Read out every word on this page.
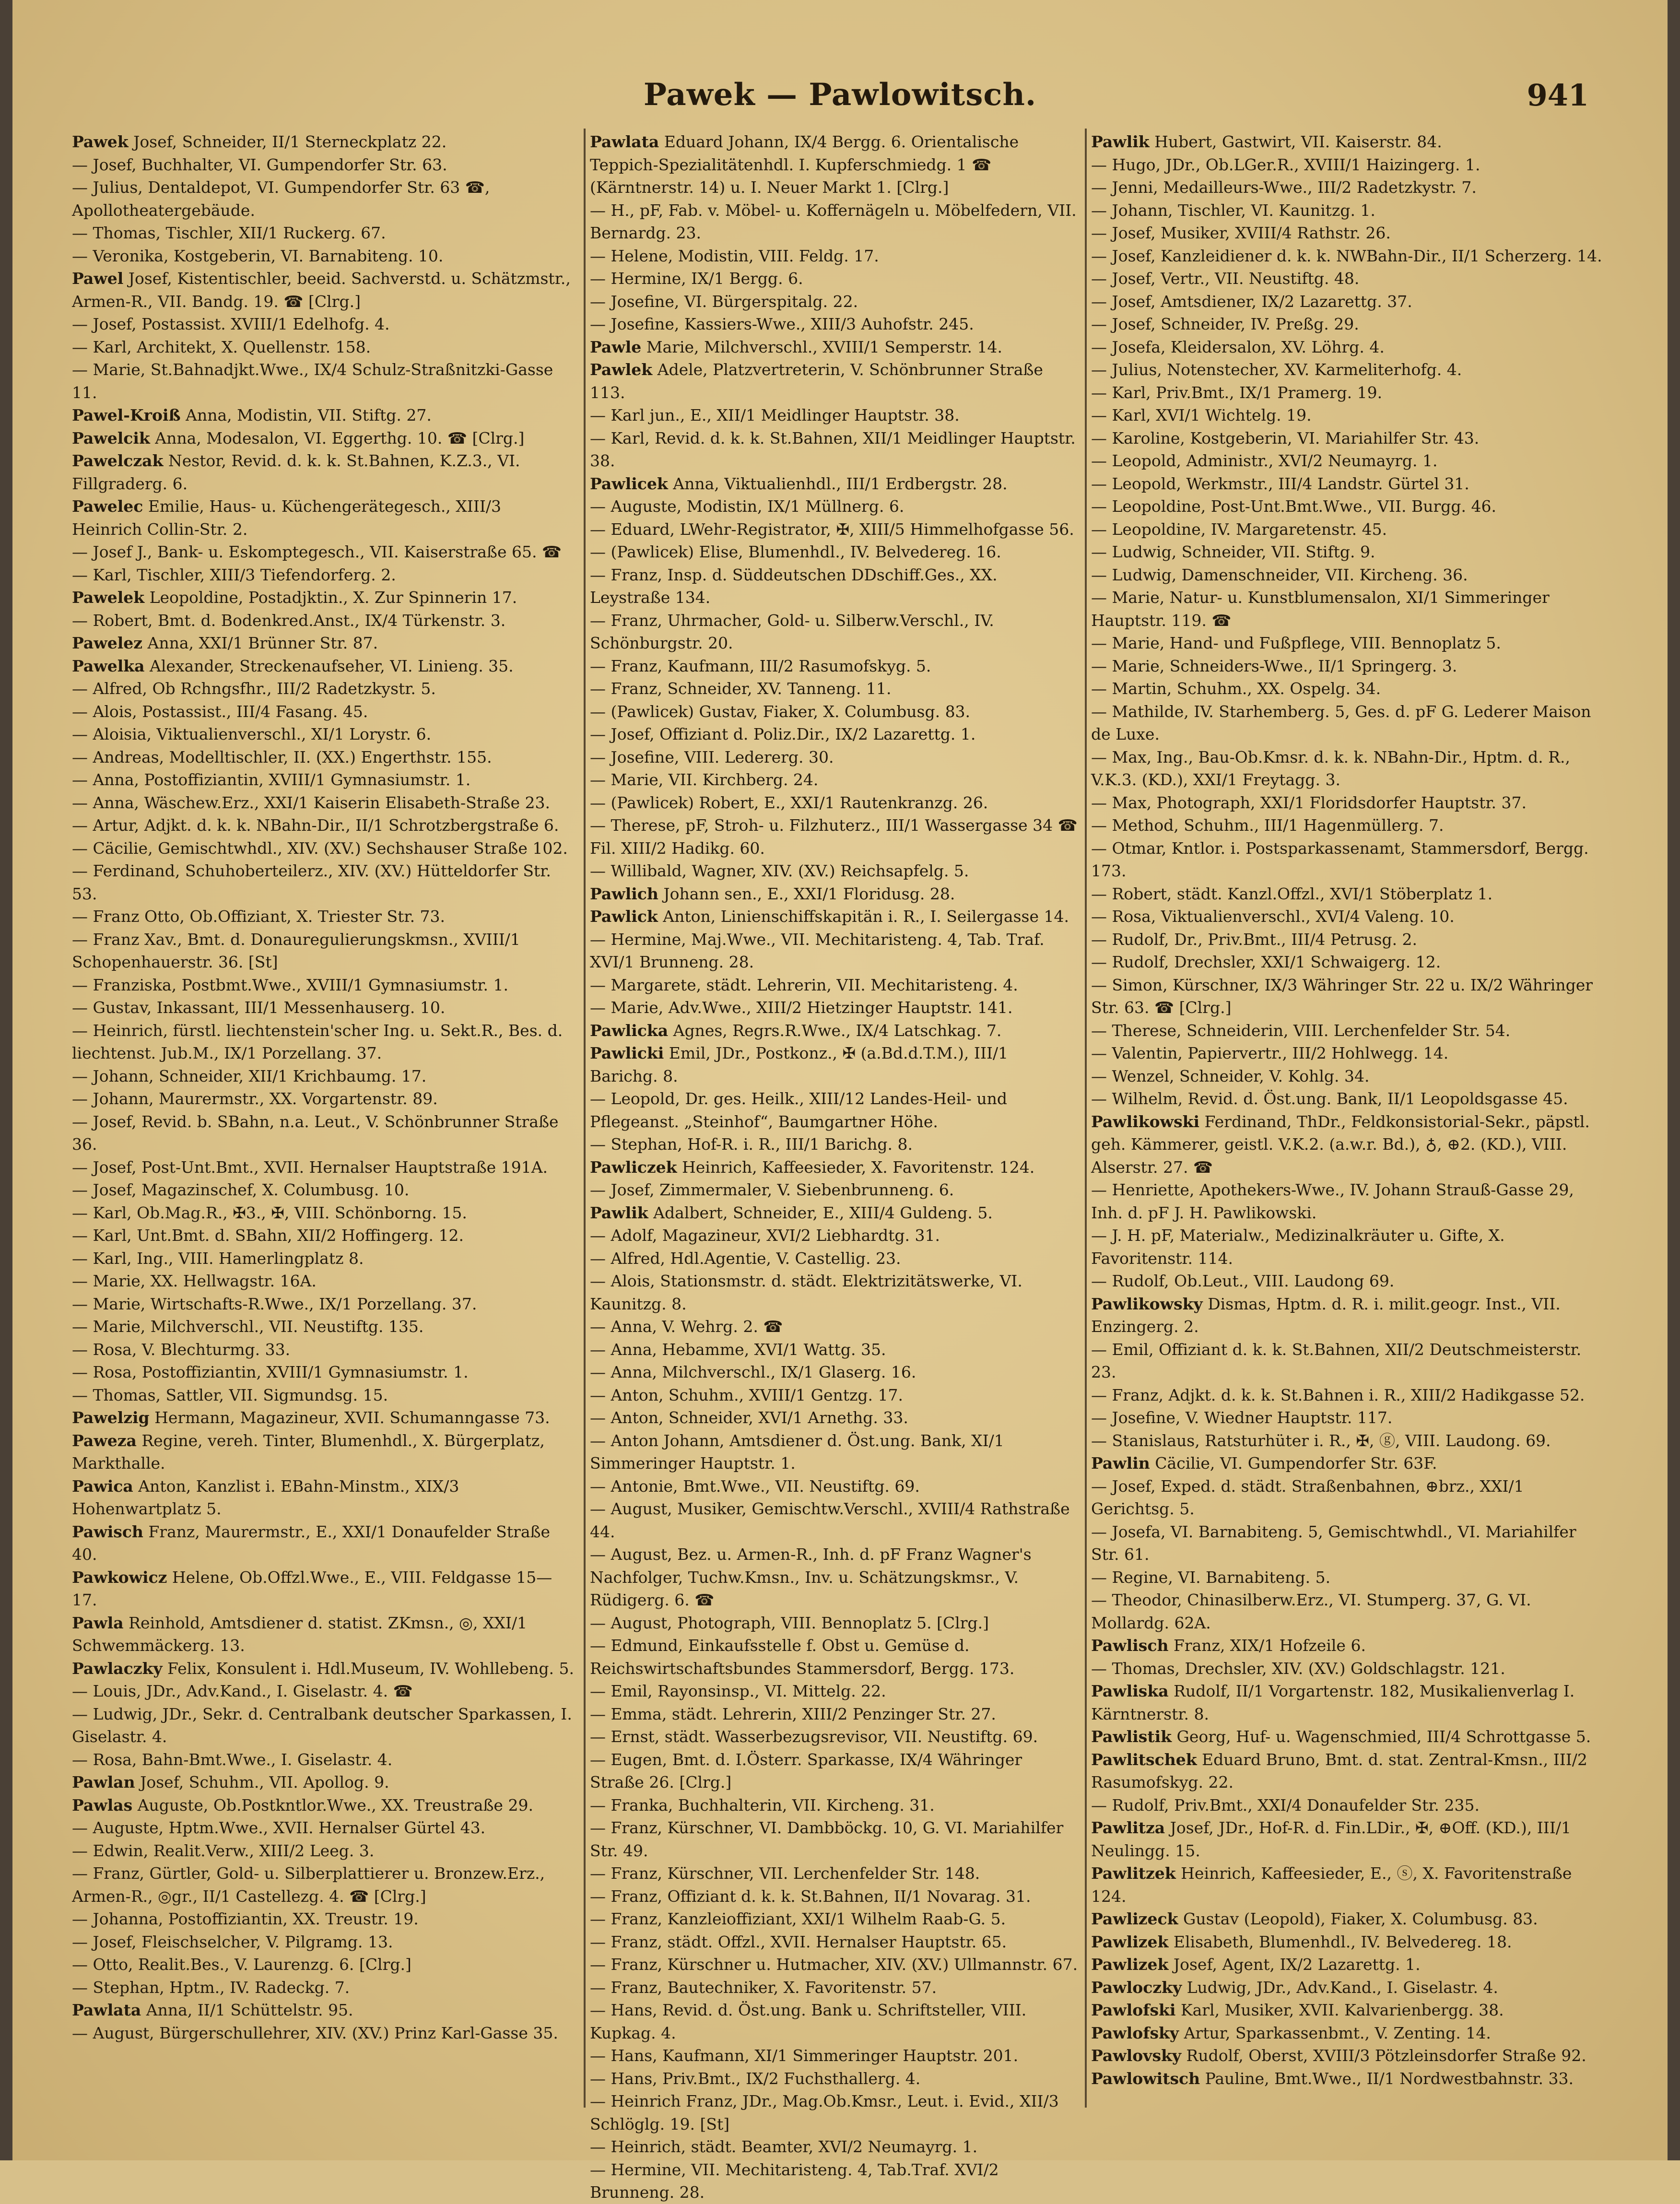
Pawek — Pawlowitsch.	941

Pawek Josef, Schneider, II/1 Sterneckplatz 22.

— Josef, Buchhalter, VI. Gumpendorfer Str. 63.

— Julius, Dentaldepot, VI. Gumpendorfer Str. 63 ☎, Apollotheatergebäude.

— Thomas, Tischler, XII/1 Ruckerg. 67.

— Veronika, Kostgeberin, VI. Barnabiteng. 10.

Pawel Josef, Kistentischler, beeid. Sachverstd. u. Schätzmstr., Armen-R., VII. Bandg. 19. ☎ [Clrg.]

— Josef, Postassist. XVIII/1 Edelhofg. 4.

— Karl, Architekt, X. Quellenstr. 158.

— Marie, St.Bahnadjkt.Wwe., IX/4 Schulz-Straßnitzki-Gasse 11.

Pawel-Kroiß Anna, Modistin, VII. Stiftg. 27.

Pawelcik Anna, Modesalon, VI. Eggerthg. 10. ☎ [Clrg.]

Pawelczak Nestor, Revid. d. k. k. St.Bahnen, K.Z.3., VI. Fillgraderg. 6.

Pawelec Emilie, Haus- u. Küchengerätegesch., XIII/3 Heinrich Collin-Str. 2.

— Josef J., Bank- u. Eskomptegesch., VII. Kaiserstraße 65. ☎

— Karl, Tischler, XIII/3 Tiefendorferg. 2.

Pawelek Leopoldine, Postadjktin., X. Zur Spinnerin 17.

— Robert, Bmt. d. Bodenkred.Anst., IX/4 Türkenstr. 3.

Pawelez Anna, XXI/1 Brünner Str. 87.

Pawelka Alexander, Streckenaufseher, VI. Linieng. 35.

— Alfred, Ob Rchngsfhr., III/2 Radetzkystr. 5.

— Alois, Postassist., III/4 Fasang. 45.

— Aloisia, Viktualienverschl., XI/1 Lorystr. 6.

— Andreas, Modelltischler, II. (XX.) Engerthstr. 155.

— Anna, Postoffiziantin, XVIII/1 Gymnasiumstr. 1.

— Anna, Wäschew.Erz., XXI/1 Kaiserin Elisabeth-Straße 23.

— Artur, Adjkt. d. k. k. NBahn-Dir., II/1 Schrotzbergstraße 6.

— Cäcilie, Gemischtwhdl., XIV. (XV.) Sechshauser Straße 102.

— Ferdinand, Schuhoberteilerz., XIV. (XV.) Hütteldorfer Str. 53.

— Franz Otto, Ob.Offiziant, X. Triester Str. 73.

— Franz Xav., Bmt. d. Donauregulierungskmsn., XVIII/1 Schopenhauerstr. 36. [St]

— Franziska, Postbmt.Wwe., XVIII/1 Gymnasiumstr. 1.

— Gustav, Inkassant, III/1 Messenhauserg. 10.

— Heinrich, fürstl. liechtenstein'scher Ing. u. Sekt.R., Bes. d. liechtenst. Jub.M., IX/1 Porzellang. 37.

— Johann, Schneider, XII/1 Krichbaumg. 17.

— Johann, Maurermstr., XX. Vorgartenstr. 89.

— Josef, Revid. b. SBahn, n.a. Leut., V. Schönbrunner Straße 36.

— Josef, Post-Unt.Bmt., XVII. Hernalser Hauptstraße 191A.

— Josef, Magazinschef, X. Columbusg. 10.

— Karl, Ob.Mag.R., ✠3., ✠, VIII. Schönborng. 15.

— Karl, Unt.Bmt. d. SBahn, XII/2 Hoffingerg. 12.

— Karl, Ing., VIII. Hamerlingplatz 8.

— Marie, XX. Hellwagstr. 16A.

— Marie, Wirtschafts-R.Wwe., IX/1 Porzellang. 37.

— Marie, Milchverschl., VII. Neustiftg. 135.

— Rosa, V. Blechturmg. 33.

— Rosa, Postoffiziantin, XVIII/1 Gymnasiumstr. 1.

— Thomas, Sattler, VII. Sigmundsg. 15.

Pawelzig Hermann, Magazineur, XVII. Schumanngasse 73.

Paweza Regine, vereh. Tinter, Blumenhdl., X. Bürgerplatz, Markthalle.

Pawica Anton, Kanzlist i. EBahn-Minstm., XIX/3 Hohenwartplatz 5.

Pawisch Franz, Maurermstr., E., XXI/1 Donaufelder Straße 40.

Pawkowicz Helene, Ob.Offzl.Wwe., E., VIII. Feldgasse 15—17.

Pawla Reinhold, Amtsdiener d. statist. ZKmsn., ◎, XXI/1 Schwemmäckerg. 13.

Pawlaczky Felix, Konsulent i. Hdl.Museum, IV. Wohllebeng. 5.

— Louis, JDr., Adv.Kand., I. Giselastr. 4. ☎

— Ludwig, JDr., Sekr. d. Centralbank deutscher Sparkassen, I. Giselastr. 4.

— Rosa, Bahn-Bmt.Wwe., I. Giselastr. 4.

Pawlan Josef, Schuhm., VII. Apollog. 9.

Pawlas Auguste, Ob.Postkntlor.Wwe., XX. Treustraße 29.

— Auguste, Hptm.Wwe., XVII. Hernalser Gürtel 43.

— Edwin, Realit.Verw., XIII/2 Leeg. 3.

— Franz, Gürtler, Gold- u. Silberplattierer u. Bronzew.Erz., Armen-R., ◎gr., II/1 Castellezg. 4. ☎ [Clrg.]

— Johanna, Postoffiziantin, XX. Treustr. 19.

— Josef, Fleischselcher, V. Pilgramg. 13.

— Otto, Realit.Bes., V. Laurenzg. 6. [Clrg.]

— Stephan, Hptm., IV. Radeckg. 7.

Pawlata Anna, II/1 Schüttelstr. 95.

— August, Bürgerschullehrer, XIV. (XV.) Prinz Karl-Gasse 35.

Pawlata Eduard Johann, IX/4 Bergg. 6. Orientalische Teppich-Spezialitätenhdl. I. Kupferschmiedg. 1 ☎ (Kärntnerstr. 14) u. I. Neuer Markt 1. [Clrg.]

— H., pF, Fab. v. Möbel- u. Koffernägeln u. Möbelfedern, VII. Bernardg. 23.

— Helene, Modistin, VIII. Feldg. 17.

— Hermine, IX/1 Bergg. 6.

— Josefine, VI. Bürgerspitalg. 22.

— Josefine, Kassiers-Wwe., XIII/3 Auhofstr. 245.

Pawle Marie, Milchverschl., XVIII/1 Semperstr. 14.

Pawlek Adele, Platzvertreterin, V. Schönbrunner Straße 113.

— Karl jun., E., XII/1 Meidlinger Hauptstr. 38.

— Karl, Revid. d. k. k. St.Bahnen, XII/1 Meidlinger Hauptstr. 38.

Pawlicek Anna, Viktualienhdl., III/1 Erdbergstr. 28.

— Auguste, Modistin, IX/1 Müllnerg. 6.

— Eduard, LWehr-Registrator, ✠, XIII/5 Himmelhofgasse 56.

— (Pawlicek) Elise, Blumenhdl., IV. Belvedereg. 16.

— Franz, Insp. d. Süddeutschen DDschiff.Ges., XX. Leystraße 134.

— Franz, Uhrmacher, Gold- u. Silberw.Verschl., IV. Schönburgstr. 20.

— Franz, Kaufmann, III/2 Rasumofskyg. 5.

— Franz, Schneider, XV. Tanneng. 11.

— (Pawlicek) Gustav, Fiaker, X. Columbusg. 83.

— Josef, Offiziant d. Poliz.Dir., IX/2 Lazarettg. 1.

— Josefine, VIII. Ledererg. 30.

— Marie, VII. Kirchberg. 24.

— (Pawlicek) Robert, E., XXI/1 Rautenkranzg. 26.

— Therese, pF, Stroh- u. Filzhuterz., III/1 Wassergasse 34 ☎ Fil. XIII/2 Hadikg. 60.

— Willibald, Wagner, XIV. (XV.) Reichsapfelg. 5.

Pawlich Johann sen., E., XXI/1 Floridusg. 28.

Pawlick Anton, Linienschiffskapitän i. R., I. Seilergasse 14.

— Hermine, Maj.Wwe., VII. Mechitaristeng. 4, Tab. Traf. XVI/1 Brunneng. 28.

— Margarete, städt. Lehrerin, VII. Mechitaristeng. 4.

— Marie, Adv.Wwe., XIII/2 Hietzinger Hauptstr. 141.

Pawlicka Agnes, Regrs.R.Wwe., IX/4 Latschkag. 7.

Pawlicki Emil, JDr., Postkonz., ✠ (a.Bd.d.T.M.), III/1 Barichg. 8.

— Leopold, Dr. ges. Heilk., XIII/12 Landes-Heil- und Pflegeanst. „Steinhof“, Baumgartner Höhe.

— Stephan, Hof-R. i. R., III/1 Barichg. 8.

Pawliczek Heinrich, Kaffeesieder, X. Favoritenstr. 124.

— Josef, Zimmermaler, V. Siebenbrunneng. 6.

Pawlik Adalbert, Schneider, E., XIII/4 Guldeng. 5.

— Adolf, Magazineur, XVI/2 Liebhardtg. 31.

— Alfred, Hdl.Agentie, V. Castellig. 23.

— Alois, Stationsmstr. d. städt. Elektrizitätswerke, VI. Kaunitzg. 8.

— Anna, V. Wehrg. 2. ☎

— Anna, Hebamme, XVI/1 Wattg. 35.

— Anna, Milchverschl., IX/1 Glaserg. 16.

— Anton, Schuhm., XVIII/1 Gentzg. 17.

— Anton, Schneider, XVI/1 Arnethg. 33.

— Anton Johann, Amtsdiener d. Öst.ung. Bank, XI/1 Simmeringer Hauptstr. 1.

— Antonie, Bmt.Wwe., VII. Neustiftg. 69.

— August, Musiker, Gemischtw.Verschl., XVIII/4 Rathstraße 44.

— August, Bez. u. Armen-R., Inh. d. pF Franz Wagner's Nachfolger, Tuchw.Kmsn., Inv. u. Schätzungskmsr., V. Rüdigerg. 6. ☎

— August, Photograph, VIII. Bennoplatz 5. [Clrg.]

— Edmund, Einkaufsstelle f. Obst u. Gemüse d. Reichswirtschaftsbundes Stammersdorf, Bergg. 173.

— Emil, Rayonsinsp., VI. Mittelg. 22.

— Emma, städt. Lehrerin, XIII/2 Penzinger Str. 27.

— Ernst, städt. Wasserbezugsrevisor, VII. Neustiftg. 69.

— Eugen, Bmt. d. I.Österr. Sparkasse, IX/4 Währinger Straße 26. [Clrg.]

— Franka, Buchhalterin, VII. Kircheng. 31.

— Franz, Kürschner, VI. Dambböckg. 10, G. VI. Mariahilfer Str. 49.

— Franz, Kürschner, VII. Lerchenfelder Str. 148.

— Franz, Offiziant d. k. k. St.Bahnen, II/1 Novarag. 31.

— Franz, Kanzleioffiziant, XXI/1 Wilhelm Raab-G. 5.

— Franz, städt. Offzl., XVII. Hernalser Hauptstr. 65.

— Franz, Kürschner u. Hutmacher, XIV. (XV.) Ullmannstr. 67.

— Franz, Bautechniker, X. Favoritenstr. 57.

— Hans, Revid. d. Öst.ung. Bank u. Schriftsteller, VIII. Kupkag. 4.

— Hans, Kaufmann, XI/1 Simmeringer Hauptstr. 201.

— Hans, Priv.Bmt., IX/2 Fuchsthallerg. 4.

— Heinrich Franz, JDr., Mag.Ob.Kmsr., Leut. i. Evid., XII/3 Schlöglg. 19. [St]

— Heinrich, städt. Beamter, XVI/2 Neumayrg. 1.

— Hermine, VII. Mechitaristeng. 4, Tab.Traf. XVI/2 Brunneng. 28.

Pawlik Hubert, Gastwirt, VII. Kaiserstr. 84.

— Hugo, JDr., Ob.LGer.R., XVIII/1 Haizingerg. 1.

— Jenni, Medailleurs-Wwe., III/2 Radetzkystr. 7.

— Johann, Tischler, VI. Kaunitzg. 1.

— Josef, Musiker, XVIII/4 Rathstr. 26.

— Josef, Kanzleidiener d. k. k. NWBahn-Dir., II/1 Scherzerg. 14.

— Josef, Vertr., VII. Neustiftg. 48.

— Josef, Amtsdiener, IX/2 Lazarettg. 37.

— Josef, Schneider, IV. Preßg. 29.

— Josefa, Kleidersalon, XV. Löhrg. 4.

— Julius, Notenstecher, XV. Karmeliterhofg. 4.

— Karl, Priv.Bmt., IX/1 Pramerg. 19.

— Karl, XVI/1 Wichtelg. 19.

— Karoline, Kostgeberin, VI. Mariahilfer Str. 43.

— Leopold, Administr., XVI/2 Neumayrg. 1.

— Leopold, Werkmstr., III/4 Landstr. Gürtel 31.

— Leopoldine, Post-Unt.Bmt.Wwe., VII. Burgg. 46.

— Leopoldine, IV. Margaretenstr. 45.

— Ludwig, Schneider, VII. Stiftg. 9.

— Ludwig, Damenschneider, VII. Kircheng. 36.

— Marie, Natur- u. Kunstblumensalon, XI/1 Simmeringer Hauptstr. 119. ☎

— Marie, Hand- und Fußpflege, VIII. Bennoplatz 5.

— Marie, Schneiders-Wwe., II/1 Springerg. 3.

— Martin, Schuhm., XX. Ospelg. 34.

— Mathilde, IV. Starhemberg. 5, Ges. d. pF G. Lederer Maison de Luxe.

— Max, Ing., Bau-Ob.Kmsr. d. k. k. NBahn-Dir., Hptm. d. R., V.K.3. (KD.), XXI/1 Freytagg. 3.

— Max, Photograph, XXI/1 Floridsdorfer Hauptstr. 37.

— Method, Schuhm., III/1 Hagenmüllerg. 7.

— Otmar, Kntlor. i. Postsparkassenamt, Stammersdorf, Bergg. 173.

— Robert, städt. Kanzl.Offzl., XVI/1 Stöberplatz 1.

— Rosa, Viktualienverschl., XVI/4 Valeng. 10.

— Rudolf, Dr., Priv.Bmt., III/4 Petrusg. 2.

— Rudolf, Drechsler, XXI/1 Schwaigerg. 12.

— Simon, Kürschner, IX/3 Währinger Str. 22 u. IX/2 Währinger Str. 63. ☎ [Clrg.]

— Therese, Schneiderin, VIII. Lerchenfelder Str. 54.

— Valentin, Papiervertr., III/2 Hohlwegg. 14.

— Wenzel, Schneider, V. Kohlg. 34.

— Wilhelm, Revid. d. Öst.ung. Bank, II/1 Leopoldsgasse 45.

Pawlikowski Ferdinand, ThDr., Feldkonsistorial-Sekr., päpstl. geh. Kämmerer, geistl. V.K.2. (a.w.r. Bd.), ♁, ⊕2. (KD.), VIII. Alserstr. 27. ☎

— Henriette, Apothekers-Wwe., IV. Johann Strauß-Gasse 29, Inh. d. pF J. H. Pawlikowski.

— J. H. pF, Materialw., Medizinalkräuter u. Gifte, X. Favoritenstr. 114.

— Rudolf, Ob.Leut., VIII. Laudong 69.

Pawlikowsky Dismas, Hptm. d. R. i. milit.geogr. Inst., VII. Enzingerg. 2.

— Emil, Offiziant d. k. k. St.Bahnen, XII/2 Deutschmeisterstr. 23.

— Franz, Adjkt. d. k. k. St.Bahnen i. R., XIII/2 Hadikgasse 52.

— Josefine, V. Wiedner Hauptstr. 117.

— Stanislaus, Ratsturhüter i. R., ✠, ⓖ, VIII. Laudong. 69.

Pawlin Cäcilie, VI. Gumpendorfer Str. 63F.

— Josef, Exped. d. städt. Straßenbahnen, ⊕brz., XXI/1 Gerichtsg. 5.

— Josefa, VI. Barnabiteng. 5, Gemischtwhdl., VI. Mariahilfer Str. 61.

— Regine, VI. Barnabiteng. 5.

— Theodor, Chinasilberw.Erz., VI. Stumperg. 37, G. VI. Mollardg. 62A.

Pawlisch Franz, XIX/1 Hofzeile 6.

— Thomas, Drechsler, XIV. (XV.) Goldschlagstr. 121.

Pawliska Rudolf, II/1 Vorgartenstr. 182, Musikalienverlag I. Kärntnerstr. 8.

Pawlistik Georg, Huf- u. Wagenschmied, III/4 Schrottgasse 5.

Pawlitschek Eduard Bruno, Bmt. d. stat. Zentral-Kmsn., III/2 Rasumofskyg. 22.

— Rudolf, Priv.Bmt., XXI/4 Donaufelder Str. 235.

Pawlitza Josef, JDr., Hof-R. d. Fin.LDir., ✠, ⊕Off. (KD.), III/1 Neulingg. 15.

Pawlitzek Heinrich, Kaffeesieder, E., ⓢ, X. Favoritenstraße 124.

Pawlizeck Gustav (Leopold), Fiaker, X. Columbusg. 83.

Pawlizek Elisabeth, Blumenhdl., IV. Belvedereg. 18.

Pawlizek Josef, Agent, IX/2 Lazarettg. 1.

Pawloczky Ludwig, JDr., Adv.Kand., I. Giselastr. 4.

Pawlofski Karl, Musiker, XVII. Kalvarienbergg. 38.

Pawlofsky Artur, Sparkassenbmt., V. Zenting. 14.

Pawlovsky Rudolf, Oberst, XVIII/3 Pötzleinsdorfer Straße 92.

Pawlowitsch Pauline, Bmt.Wwe., II/1 Nordwestbahnstr. 33.
